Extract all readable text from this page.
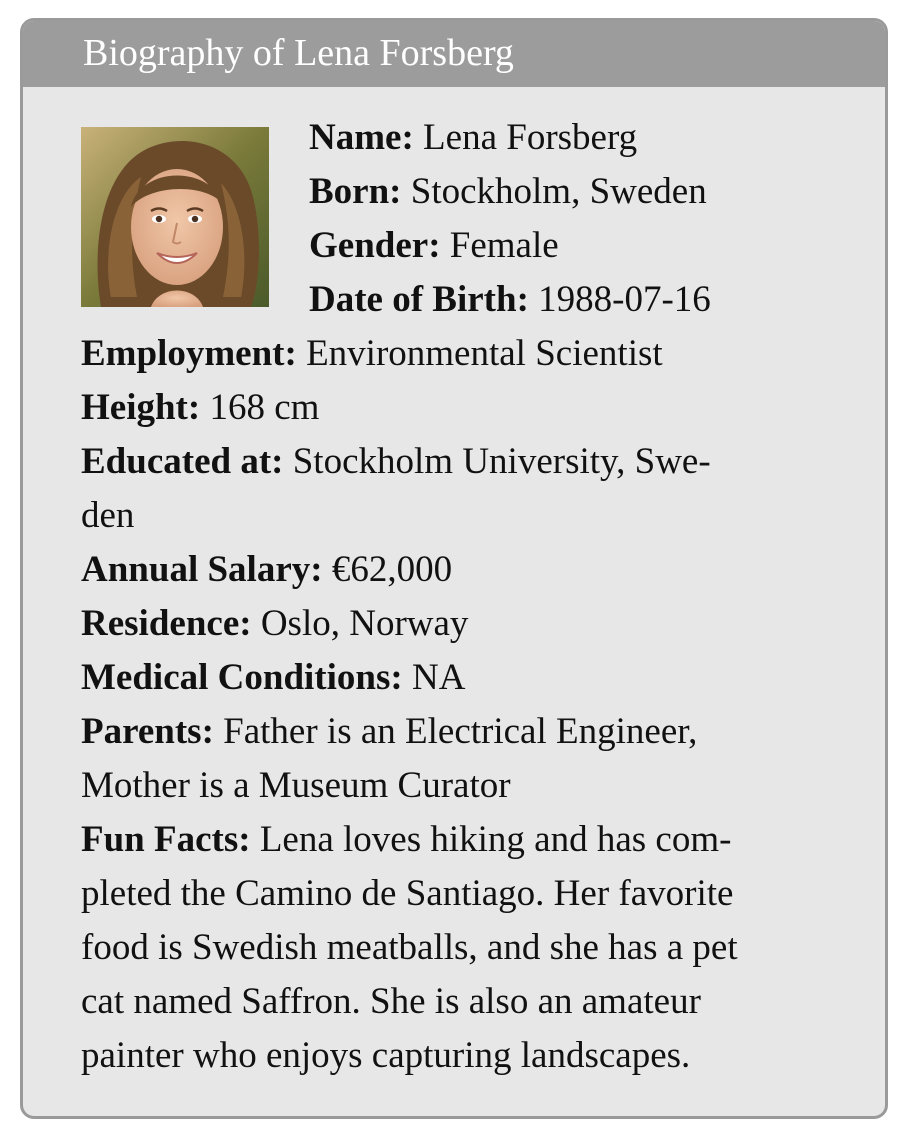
Biography of Lena Forsberg
Name: Lena Forsberg
Born: Stockholm, Sweden
Gender: Female
Date of Birth: 1988-07-16
Employment: Environmental Scientist
Height: 168 cm
Educated at: Stockholm University, Swe-
den
Annual Salary: €62,000
Residence: Oslo, Norway
Medical Conditions: NA
Parents: Father is an Electrical Engineer,
Mother is a Museum Curator
Fun Facts: Lena loves hiking and has com-
pleted the Camino de Santiago. Her favorite
food is Swedish meatballs, and she has a pet
cat named Saffron. She is also an amateur
painter who enjoys capturing landscapes.
